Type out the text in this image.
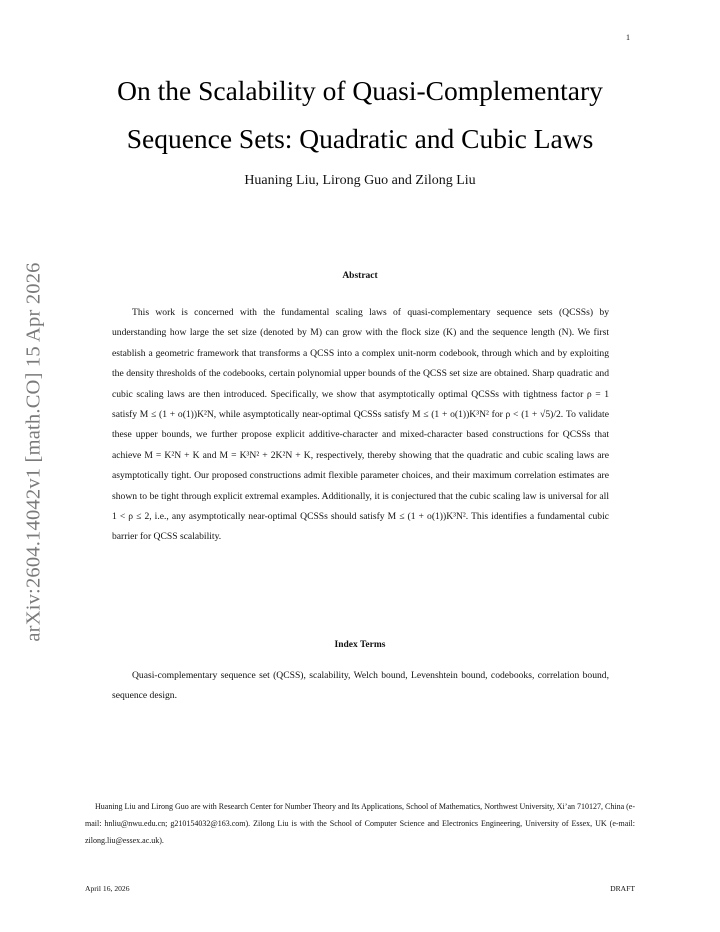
1
arXiv:2604.14042v1 [math.CO] 15 Apr 2026
On the Scalability of Quasi-Complementary
Sequence Sets: Quadratic and Cubic Laws
Huaning Liu, Lirong Guo and Zilong Liu
Abstract

This work is concerned with the fundamental scaling laws of quasi-complementary sequence sets (QCSSs) by understanding how large the set size (denoted by M) can grow with the flock size (K) and the sequence length (N). We first establish a geometric framework that transforms a QCSS into a complex unit-norm codebook, through which and by exploiting the density thresholds of the codebooks, certain polynomial upper bounds of the QCSS set size are obtained. Sharp quadratic and cubic scaling laws are then introduced. Specifically, we show that asymptotically optimal QCSSs with tightness factor ρ = 1 satisfy M ≤ (1 + o(1))K²N, while asymptotically near-optimal QCSSs satisfy M ≤ (1 + o(1))K³N² for ρ < (1 + √5)/2. To validate these upper bounds, we further propose explicit additive-character and mixed-character based constructions for QCSSs that achieve M = K²N + K and M = K³N² + 2K²N + K, respectively, thereby showing that the quadratic and cubic scaling laws are asymptotically tight. Our proposed constructions admit flexible parameter choices, and their maximum correlation estimates are shown to be tight through explicit extremal examples. Additionally, it is conjectured that the cubic scaling law is universal for all 1 < ρ ≤ 2, i.e., any asymptotically near-optimal QCSSs should satisfy M ≤ (1 + o(1))K³N². This identifies a fundamental cubic barrier for QCSS scalability.

Index Terms

Quasi-complementary sequence set (QCSS), scalability, Welch bound, Levenshtein bound, codebooks, correlation bound, sequence design.

Huaning Liu and Lirong Guo are with Research Center for Number Theory and Its Applications, School of Mathematics, Northwest University, Xi’an 710127, China (e-mail: hnliu@nwu.edu.cn; g210154032@163.com). Zilong Liu is with the School of Computer Science and Electronics Engineering, University of Essex, UK (e-mail: zilong.liu@essex.ac.uk).

April 16, 2026	DRAFT
